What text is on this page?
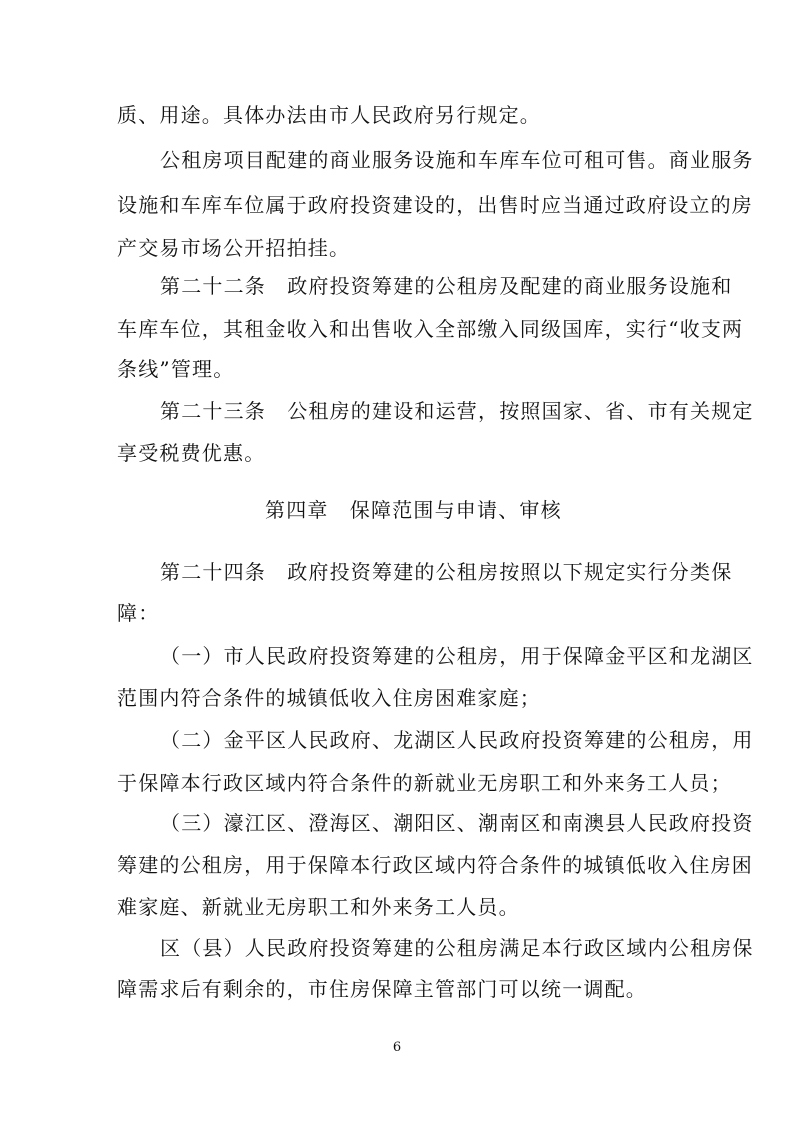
质、用途。具体办法由市人民政府另行规定。
公租房项目配建的商业服务设施和车库车位可租可售。商业服务
设施和车库车位属于政府投资建设的，出售时应当通过政府设立的房
产交易市场公开招拍挂。
第二十二条　政府投资筹建的公租房及配建的商业服务设施和
车库车位，其租金收入和出售收入全部缴入同级国库，实行“收支两
条线”管理。
第二十三条　公租房的建设和运营，按照国家、省、市有关规定
享受税费优惠。
第四章　保障范围与申请、审核
第二十四条　政府投资筹建的公租房按照以下规定实行分类保
障：
（一）市人民政府投资筹建的公租房，用于保障金平区和龙湖区
范围内符合条件的城镇低收入住房困难家庭；
（二）金平区人民政府、龙湖区人民政府投资筹建的公租房，用
于保障本行政区域内符合条件的新就业无房职工和外来务工人员；
（三）濠江区、澄海区、潮阳区、潮南区和南澳县人民政府投资
筹建的公租房，用于保障本行政区域内符合条件的城镇低收入住房困
难家庭、新就业无房职工和外来务工人员。
区（县）人民政府投资筹建的公租房满足本行政区域内公租房保
障需求后有剩余的，市住房保障主管部门可以统一调配。
6
